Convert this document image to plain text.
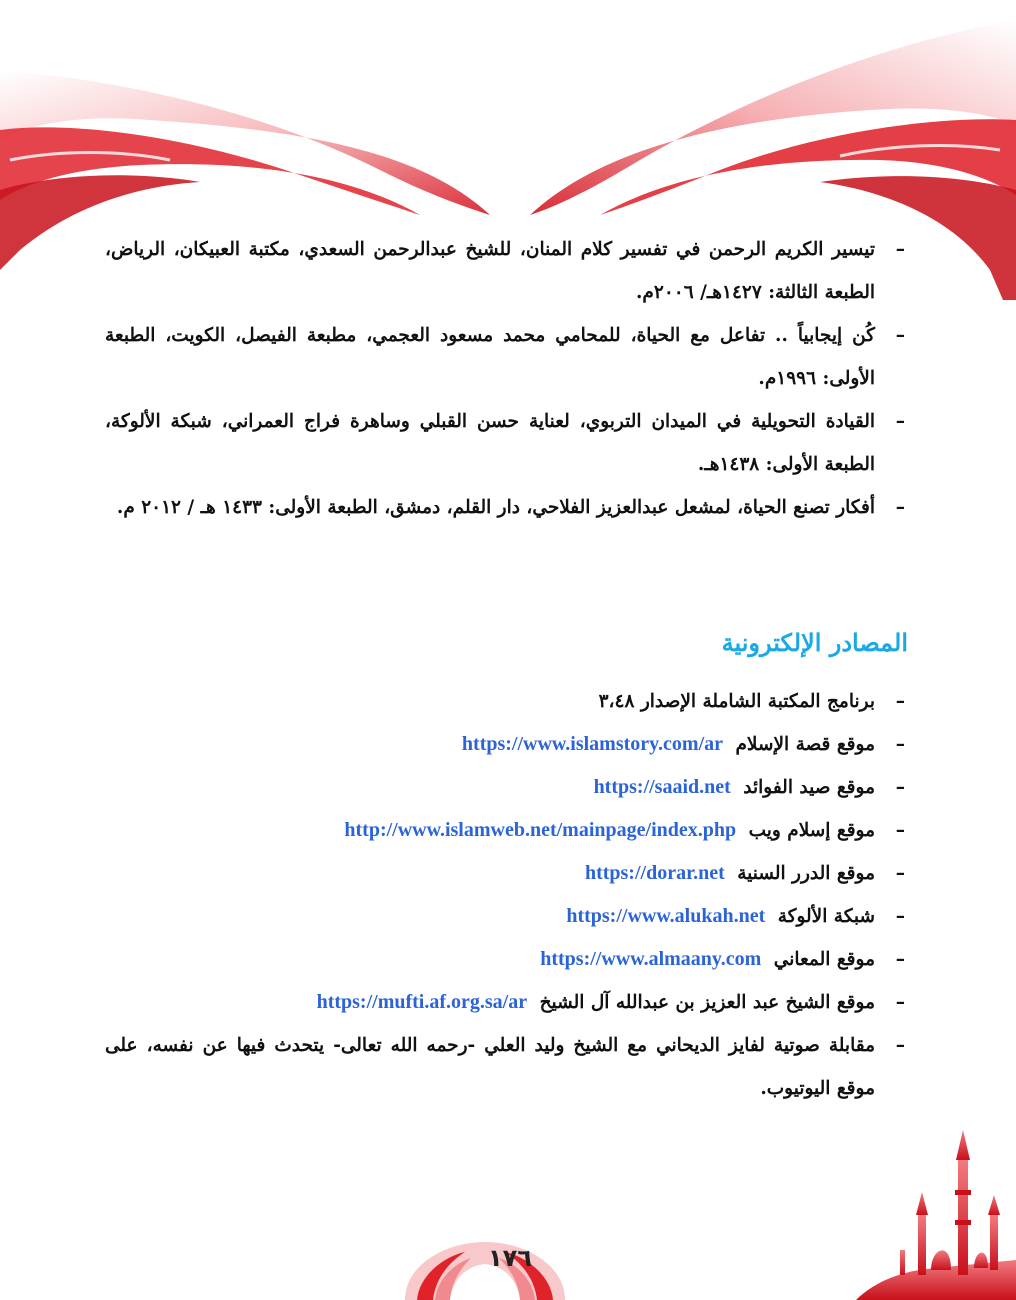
–
تيسير الكريم الرحمن في تفسير كلام المنان، للشيخ عبدالرحمن السعدي، مكتبة العبيكان، الرياض، الطبعة الثالثة: ١٤٢٧هـ/ ٢٠٠٦م.
–
كُن إيجابياً .. تفاعل مع الحياة، للمحامي محمد مسعود العجمي، مطبعة الفيصل، الكويت، الطبعة الأولى: ١٩٩٦م.
–
القيادة التحويلية في الميدان التربوي، لعناية حسن القبلي وساهرة فراج العمراني، شبكة الألوكة، الطبعة الأولى: ١٤٣٨هـ.
–
أفكار تصنع الحياة، لمشعل عبدالعزيز الفلاحي، دار القلم، دمشق، الطبعة الأولى: ١٤٣٣ هـ / ٢٠١٢ م.
المصادر الإلكترونية
–
برنامج المكتبة الشاملة الإصدار ٣،٤٨
–
موقع قصة الإسلام https://www.islamstory.com/ar
–
موقع صيد الفوائد https://saaid.net
–
موقع إسلام ويب http://www.islamweb.net/mainpage/index.php
–
موقع الدرر السنية https://dorar.net
–
شبكة الألوكة https://www.alukah.net
–
موقع المعاني https://www.almaany.com
–
موقع الشيخ عبد العزيز بن عبدالله آل الشيخ https://mufti.af.org.sa/ar
–
مقابلة صوتية لفايز الديحاني مع الشيخ وليد العلي -رحمه الله تعالى- يتحدث فيها عن نفسه، على موقع اليوتيوب.
١٧٦
